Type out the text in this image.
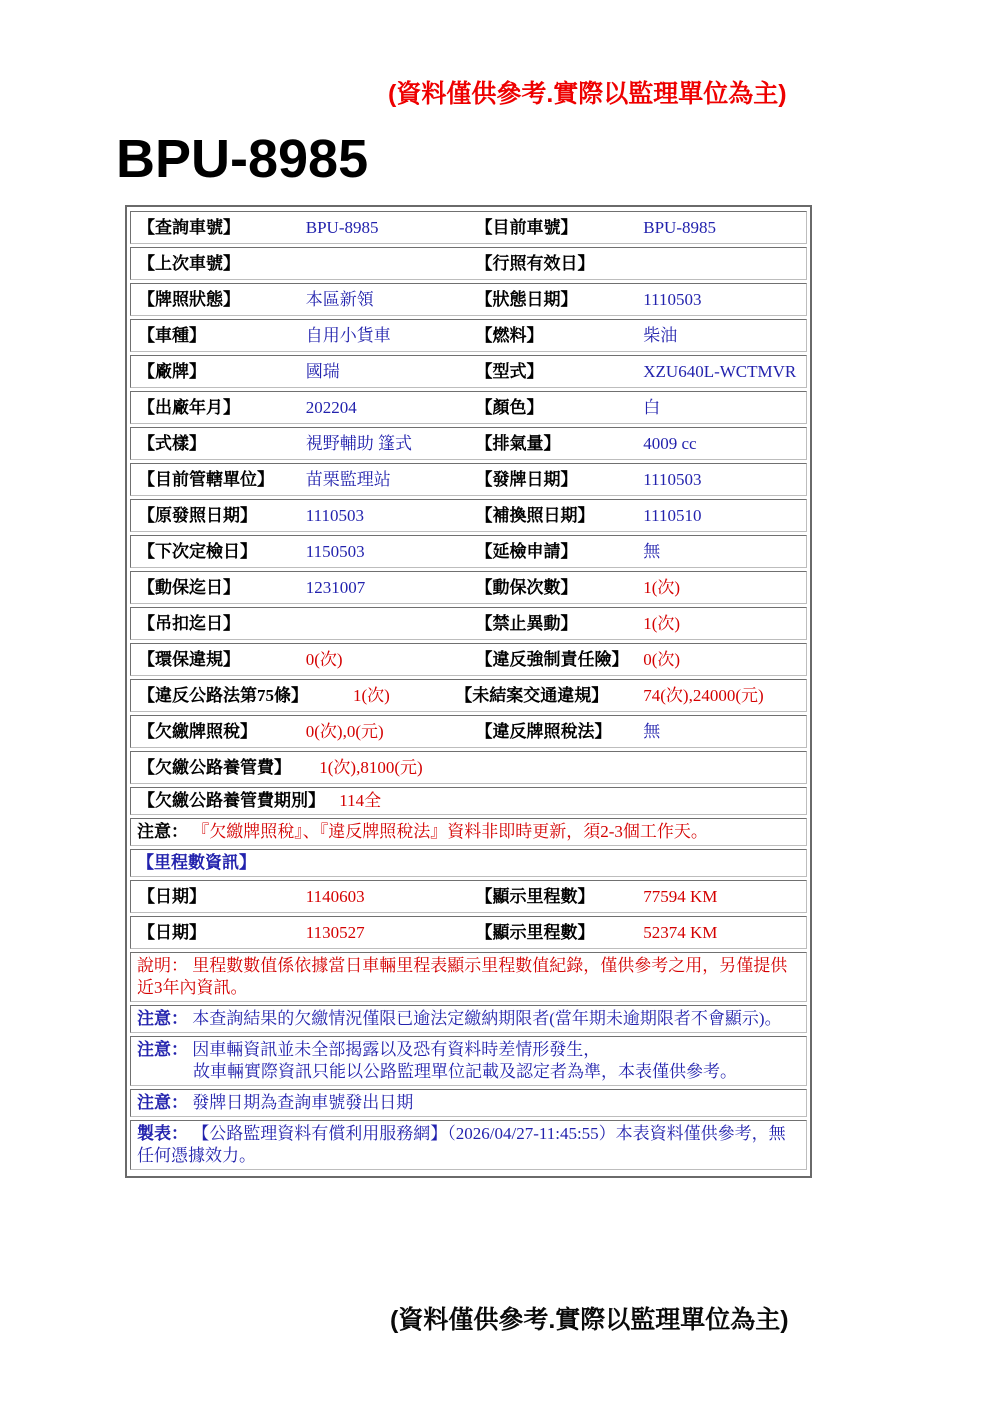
(資料僅供參考.實際以監理單位為主)
BPU-8985
【查詢車號】	BPU-8985	【目前車號】	BPU-8985
【上次車號】	【行照有效日】
【牌照狀態】	本區新領	【狀態日期】	1110503
【車種】	自用小貨車	【燃料】	柴油
【廠牌】	國瑞	【型式】	XZU640L-WCTMVR
【出廠年月】	202204	【顏色】	白
【式樣】	視野輔助 篷式	【排氣量】	4009 cc
【目前管轄單位】	苗栗監理站	【發牌日期】	1110503
【原發照日期】	1110503	【補換照日期】	1110510
【下次定檢日】	1150503	【延檢申請】	無
【動保迄日】	1231007	【動保次數】	1(次)
【吊扣迄日】	【禁止異動】	1(次)
【環保違規】	0(次)	【違反強制責任險】 0(次)
【違反公路法第75條】	1(次)	【未結案交通違規】	74(次),24000(元)
【欠繳牌照稅】	0(次),0(元)	【違反牌照稅法】	無
【欠繳公路養管費】	1(次),8100(元)
【欠繳公路養管費期別】 114全
注意： 『欠繳牌照稅』、『違反牌照稅法』資料非即時更新，須2-3個工作天。
【里程數資訊】
【日期】	1140603	【顯示里程數】	77594 KM
【日期】	1130527	【顯示里程數】	52374 KM
說明： 里程數數值係依據當日車輛里程表顯示里程數值紀錄，僅供參考之用，另僅提供近3年內資訊。
注意： 本查詢結果的欠繳情況僅限已逾法定繳納期限者(當年期未逾期限者不會顯示)。
注意： 因車輛資訊並未全部揭露以及恐有資料時差情形發生，
故車輛實際資訊只能以公路監理單位記載及認定者為準，本表僅供參考。
注意： 發牌日期為查詢車號發出日期
製表： 【公路監理資料有償利用服務網】（2026/04/27-11:45:55）本表資料僅供參考，無任何憑據效力。
(資料僅供參考.實際以監理單位為主)
